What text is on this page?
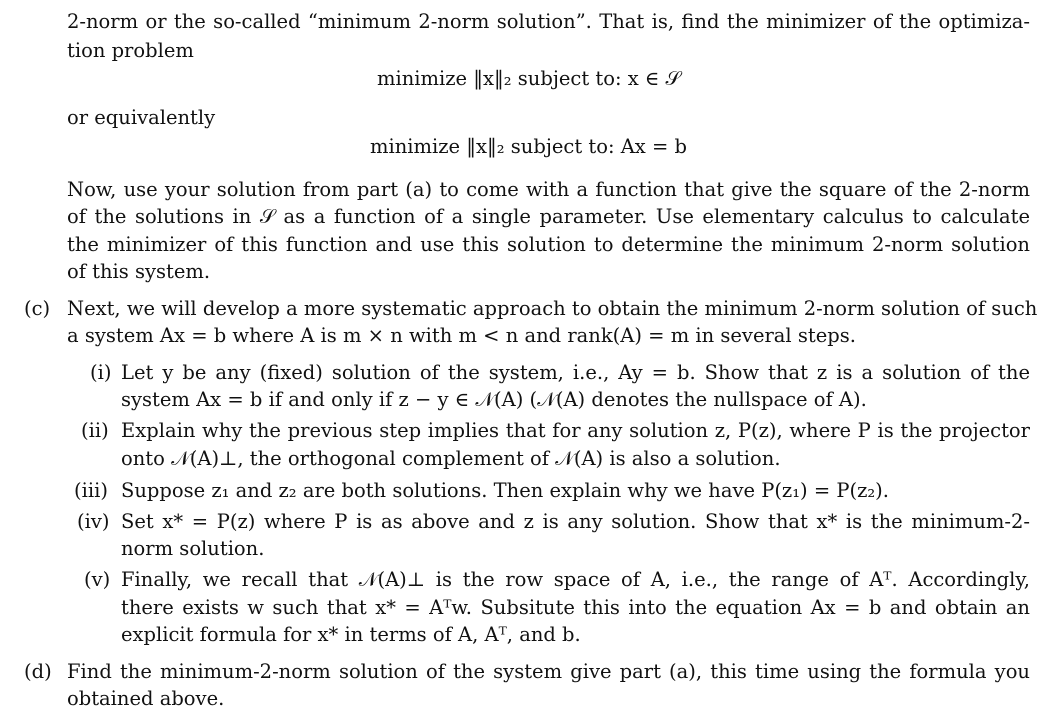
2-norm or the so-called “minimum 2-norm solution”. That is, find the minimizer of the optimiza-
tion problem
minimize ‖x‖₂ subject to: x ∈ 𝒮
or equivalently
minimize ‖x‖₂ subject to: Ax = b
Now, use your solution from part (a) to come with a function that give the square of the 2-norm
of the solutions in 𝒮 as a function of a single parameter. Use elementary calculus to calculate
the minimizer of this function and use this solution to determine the minimum 2-norm solution
of this system.
(c) Next, we will develop a more systematic approach to obtain the minimum 2-norm solution of such
a system Ax = b where A is m × n with m < n and rank(A) = m in several steps.
(i) Let y be any (fixed) solution of the system, i.e., Ay = b. Show that z is a solution of the
system Ax = b if and only if z − y ∈ 𝒩(A) (𝒩(A) denotes the nullspace of A).
(ii) Explain why the previous step implies that for any solution z, P(z), where P is the projector
onto 𝒩(A)⊥, the orthogonal complement of 𝒩(A) is also a solution.
(iii) Suppose z₁ and z₂ are both solutions. Then explain why we have P(z₁) = P(z₂).
(iv) Set x* = P(z) where P is as above and z is any solution. Show that x* is the minimum-2-
norm solution.
(v) Finally, we recall that 𝒩(A)⊥ is the row space of A, i.e., the range of Aᵀ. Accordingly,
there exists w such that x* = Aᵀw. Subsitute this into the equation Ax = b and obtain an
explicit formula for x* in terms of A, Aᵀ, and b.
(d) Find the minimum-2-norm solution of the system give part (a), this time using the formula you
obtained above.
